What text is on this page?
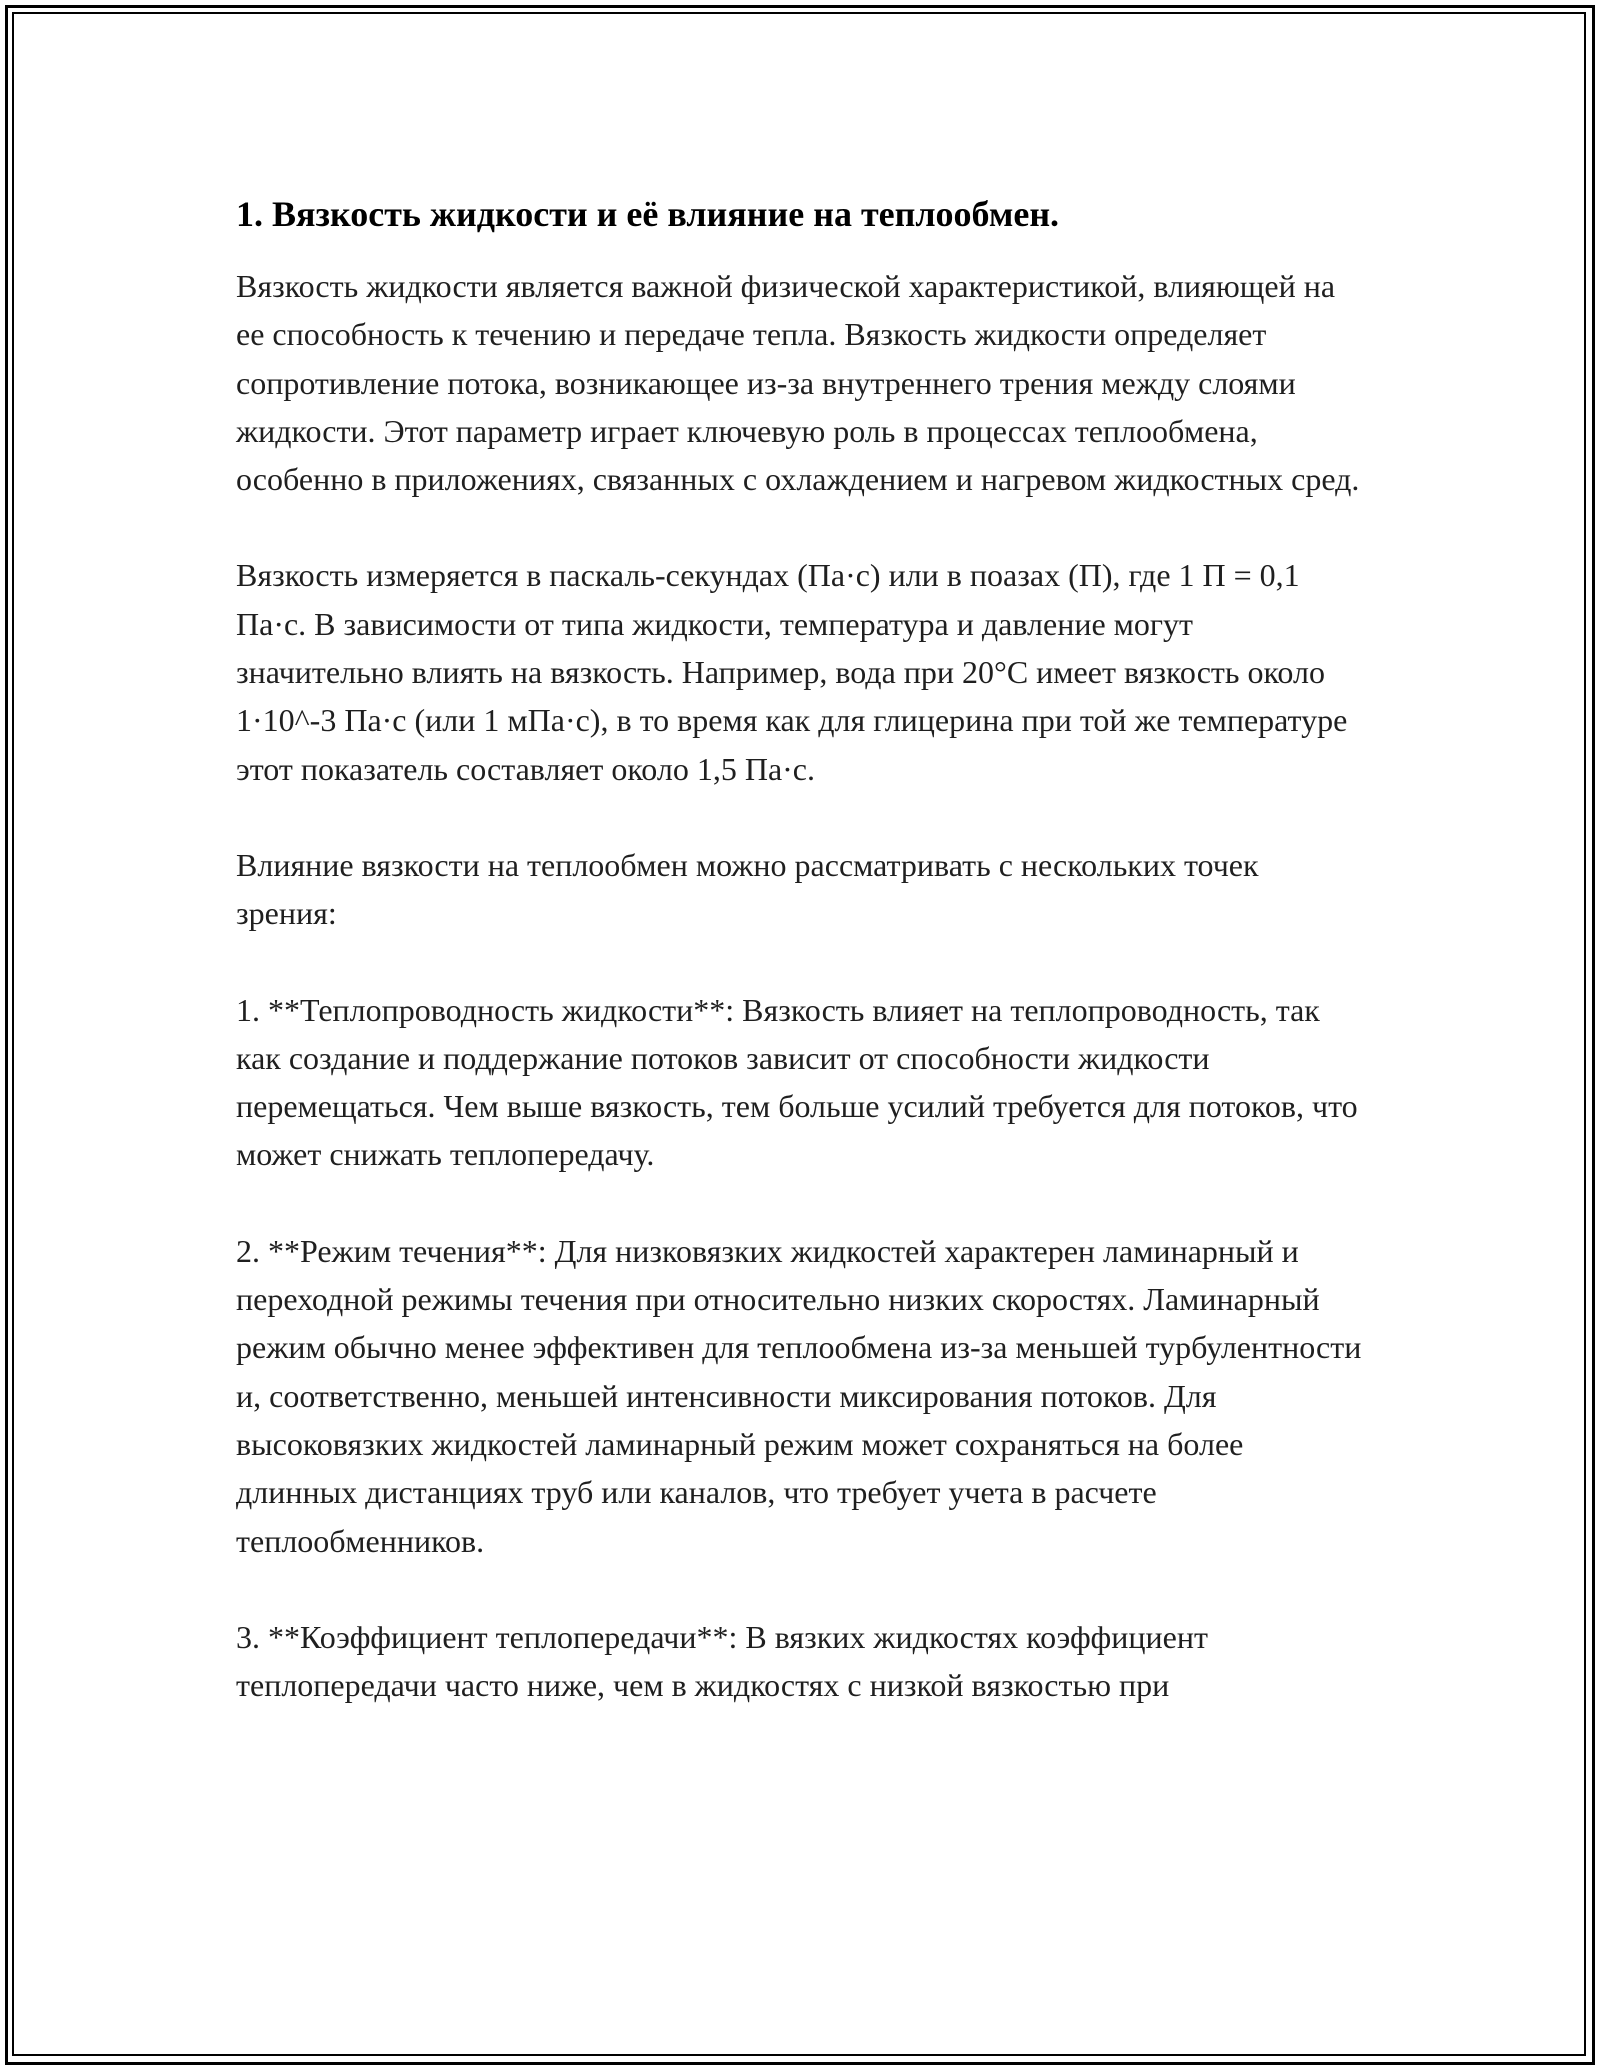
1. Вязкость жидкости и её влияние на теплообмен.

Вязкость жидкости является важной физической характеристикой, влияющей на ее способность к течению и передаче тепла. Вязкость жидкости определяет сопротивление потока, возникающее из-за внутреннего трения между слоями жидкости. Этот параметр играет ключевую роль в процессах теплообмена, особенно в приложениях, связанных с охлаждением и нагревом жидкостных сред.

Вязкость измеряется в паскаль-секундах (Па·с) или в поазах (П), где 1 П = 0,1 Па·с. В зависимости от типа жидкости, температура и давление могут значительно влиять на вязкость. Например, вода при 20°C имеет вязкость около 1·10^-3 Па·с (или 1 мПа·с), в то время как для глицерина при той же температуре этот показатель составляет около 1,5 Па·с.

Влияние вязкости на теплообмен можно рассматривать с нескольких точек зрения:

1. **Теплопроводность жидкости**: Вязкость влияет на теплопроводность, так как создание и поддержание потоков зависит от способности жидкости перемещаться. Чем выше вязкость, тем больше усилий требуется для потоков, что может снижать теплопередачу.

2. **Режим течения**: Для низковязких жидкостей характерен ламинарный и переходной режимы течения при относительно низких скоростях. Ламинарный режим обычно менее эффективен для теплообмена из-за меньшей турбулентности и, соответственно, меньшей интенсивности миксирования потоков. Для высоковязких жидкостей ламинарный режим может сохраняться на более длинных дистанциях труб или каналов, что требует учета в расчете теплообменников.

3. **Коэффициент теплопередачи**: В вязких жидкостях коэффициент теплопередачи часто ниже, чем в жидкостях с низкой вязкостью при
